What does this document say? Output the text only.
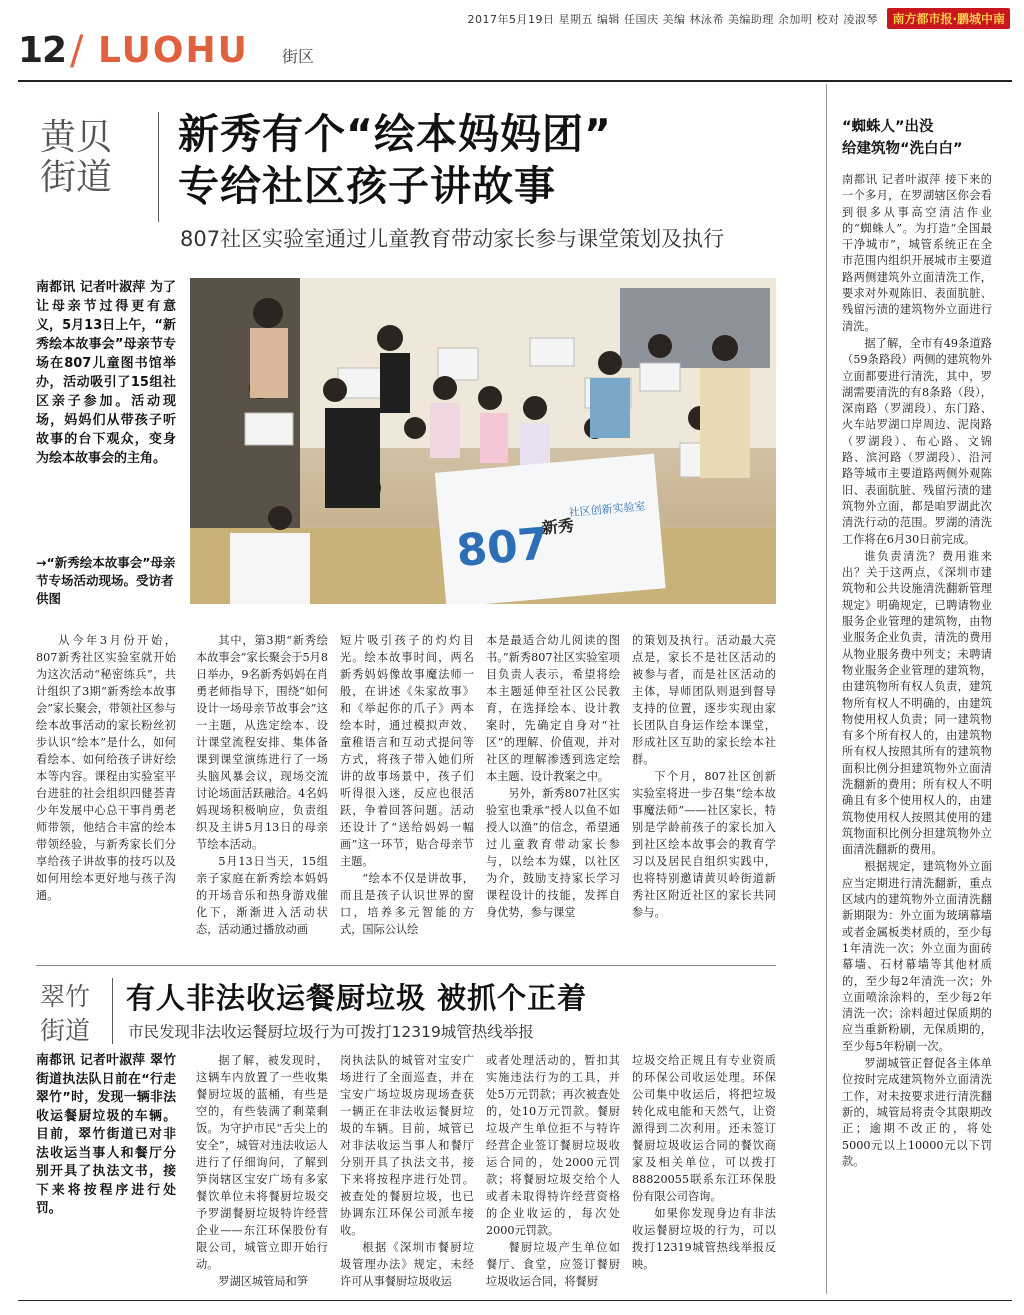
2017年5月19日 星期五 编辑 任国庆 美编 林泳希 美编助理 余加明 校对 凌淑琴 南方都市报·鹏城中南
12 / LUOHU 街区
黄贝
街道
新秀有个“绘本妈妈团”
专给社区孩子讲故事
807社区实验室通过儿童教育带动家长参与课堂策划及执行
南都讯 记者叶淑萍 为了让母亲节过得更有意义，5月13日上午，“新秀绘本故事会”母亲节专场在807儿童图书馆举办，活动吸引了15组社区亲子参加。活动现场，妈妈们从带孩子听故事的台下观众，变身为绘本故事会的主角。
→“新秀绘本故事会”母亲节专场活动现场。受访者供图
807
新秀
社区创新实验室
从今年3月份开始，807新秀社区实验室就开始为这次活动“秘密练兵”，共计组织了3期“新秀绘本故事会”家长聚会，带领社区参与绘本故事活动的家长粉丝初步认识“绘本”是什么，如何看绘本、如何给孩子讲好绘本等内容。课程由实验室平台进驻的社会组织四健荟青少年发展中心总干事肖勇老师带领，他结合丰富的绘本带领经验，与新秀家长们分享给孩子讲故事的技巧以及如何用绘本更好地与孩子沟通。

其中，第3期“新秀绘本故事会”家长聚会于5月8日举办，9名新秀妈妈在肖勇老师指导下，围绕“如何设计一场母亲节故事会”这一主题，从选定绘本、设计课堂流程安排、集体备课到课堂演练进行了一场头脑风暴会议，现场交流讨论场面活跃融洽。4名妈妈现场积极响应，负责组织及主讲5月13日的母亲节绘本活动。

5月13日当天，15组亲子家庭在新秀绘本妈妈的开场音乐和热身游戏催化下，渐渐进入活动状态，活动通过播放动画

短片吸引孩子的灼灼目光。绘本故事时间，两名新秀妈妈像故事魔法师一般，在讲述《朱家故事》和《举起你的爪子》两本绘本时，通过模拟声效、童稚语言和互动式提问等方式，将孩子带入她们所讲的故事场景中，孩子们听得很入迷，反应也很活跃，争着回答问题。活动还设计了“送给妈妈一幅画”这一环节，贴合母亲节主题。

“绘本不仅是讲故事，而且是孩子认识世界的窗口，培养多元智能的方式，国际公认绘

本是最适合幼儿阅读的图书。”新秀807社区实验室项目负责人表示，希望将绘本主题延伸至社区公民教育，在选择绘本、设计教案时，先确定自身对“社区”的理解、价值观，并对社区的理解渗透到选定绘本主题、设计教案之中。

另外，新秀807社区实验室也秉承“授人以鱼不如授人以渔”的信念，希望通过儿童教育带动家长参与，以绘本为媒，以社区为介，鼓励支持家长学习课程设计的技能，发挥自身优势，参与课堂

的策划及执行。活动最大亮点是，家长不是社区活动的被参与者，而是社区活动的主体，导师团队则退到督导支持的位置，逐步实现由家长团队自身运作绘本课堂，形成社区互助的家长绘本社群。

下个月，807社区创新实验室将进一步召集“绘本故事魔法师”——社区家长，特别是学龄前孩子的家长加入到社区绘本故事会的教育学习以及居民自组织实践中，也将特别邀请黄贝岭街道新秀社区附近社区的家长共同参与。

翠竹
街道
有人非法收运餐厨垃圾 被抓个正着
市民发现非法收运餐厨垃圾行为可拨打12319城管热线举报
南都讯 记者叶淑萍 翠竹街道执法队日前在“行走翠竹”时，发现一辆非法收运餐厨垃圾的车辆。目前，翠竹街道已对非法收运当事人和餐厅分别开具了执法文书，接下来将按程序进行处罚。

据了解，被发现时，这辆车内放置了一些收集餐厨垃圾的蓝桶，有些是空的，有些装满了剩菜剩饭。为守护市民“舌尖上的安全”，城管对违法收运人进行了仔细询问，了解到笋岗辖区宝安广场有多家餐饮单位未将餐厨垃圾交予罗湖餐厨垃圾特许经营企业——东江环保股份有限公司，城管立即开始行动。

罗湖区城管局和笋

岗执法队的城管对宝安广场进行了全面巡查，并在宝安广场垃圾房现场查获一辆正在非法收运餐厨垃圾的车辆。目前，城管已对非法收运当事人和餐厅分别开具了执法文书，接下来将按程序进行处罚。被查处的餐厨垃圾，也已协调东江环保公司派车接收。

根据《深圳市餐厨垃圾管理办法》规定，未经许可从事餐厨垃圾收运

或者处理活动的，暂扣其实施违法行为的工具，并处5万元罚款；再次被查处的，处10万元罚款。餐厨垃圾产生单位拒不与特许经营企业签订餐厨垃圾收运合同的，处2000元罚款；将餐厨垃圾交给个人或者未取得特许经营资格的企业收运的，每次处2000元罚款。

餐厨垃圾产生单位如餐厅、食堂，应签订餐厨垃圾收运合同，将餐厨

垃圾交给正规且有专业资质的环保公司收运处理。环保公司集中收运后，将把垃圾转化成电能和天然气，让资源得到二次利用。还未签订餐厨垃圾收运合同的餐饮商家及相关单位，可以拨打88820055联系东江环保股份有限公司咨询。

如果你发现身边有非法收运餐厨垃圾的行为，可以拨打12319城管热线举报反映。

“蜘蛛人”出没
给建筑物“洗白白”

南都讯 记者叶淑萍 接下来的一个多月，在罗湖辖区你会看到很多从事高空清洁作业的“蜘蛛人”。为打造“全国最干净城市”，城管系统正在全市范围内组织开展城市主要道路两侧建筑外立面清洗工作，要求对外观陈旧、表面肮脏、残留污渍的建筑物外立面进行清洗。

据了解，全市有49条道路（59条路段）两侧的建筑物外立面都要进行清洗，其中，罗湖需要清洗的有8条路（段），深南路（罗湖段）、东门路、火车站罗湖口岸周边、泥岗路（罗湖段）、布心路、文锦路、滨河路（罗湖段）、沿河路等城市主要道路两侧外观陈旧、表面肮脏、残留污渍的建筑物外立面，都是咱罗湖此次清洗行动的范围。罗湖的清洗工作将在6月30日前完成。

谁负责清洗？费用谁来出？关于这两点，《深圳市建筑物和公共设施清洗翻新管理规定》明确规定，已聘请物业服务企业管理的建筑物，由物业服务企业负责，清洗的费用从物业服务费中列支；未聘请物业服务企业管理的建筑物，由建筑物所有权人负责，建筑物所有权人不明确的，由建筑物使用权人负责；同一建筑物有多个所有权人的，由建筑物所有权人按照其所有的建筑物面积比例分担建筑物外立面清洗翻新的费用；所有权人不明确且有多个使用权人的，由建筑物使用权人按照其使用的建筑物面积比例分担建筑物外立面清洗翻新的费用。

根据规定，建筑物外立面应当定期进行清洗翻新，重点区域内的建筑物外立面清洗翻新期限为：外立面为玻璃幕墙或者金属板类材质的，至少每1年清洗一次；外立面为面砖幕墙、石材幕墙等其他材质的，至少每2年清洗一次；外立面喷涂涂料的，至少每2年清洗一次；涂料超过保质期的应当重新粉刷，无保质期的，至少每5年粉刷一次。

罗湖城管正督促各主体单位按时完成建筑物外立面清洗工作，对未按要求进行清洗翻新的，城管局将责令其限期改正；逾期不改正的，将处5000元以上10000元以下罚款。
